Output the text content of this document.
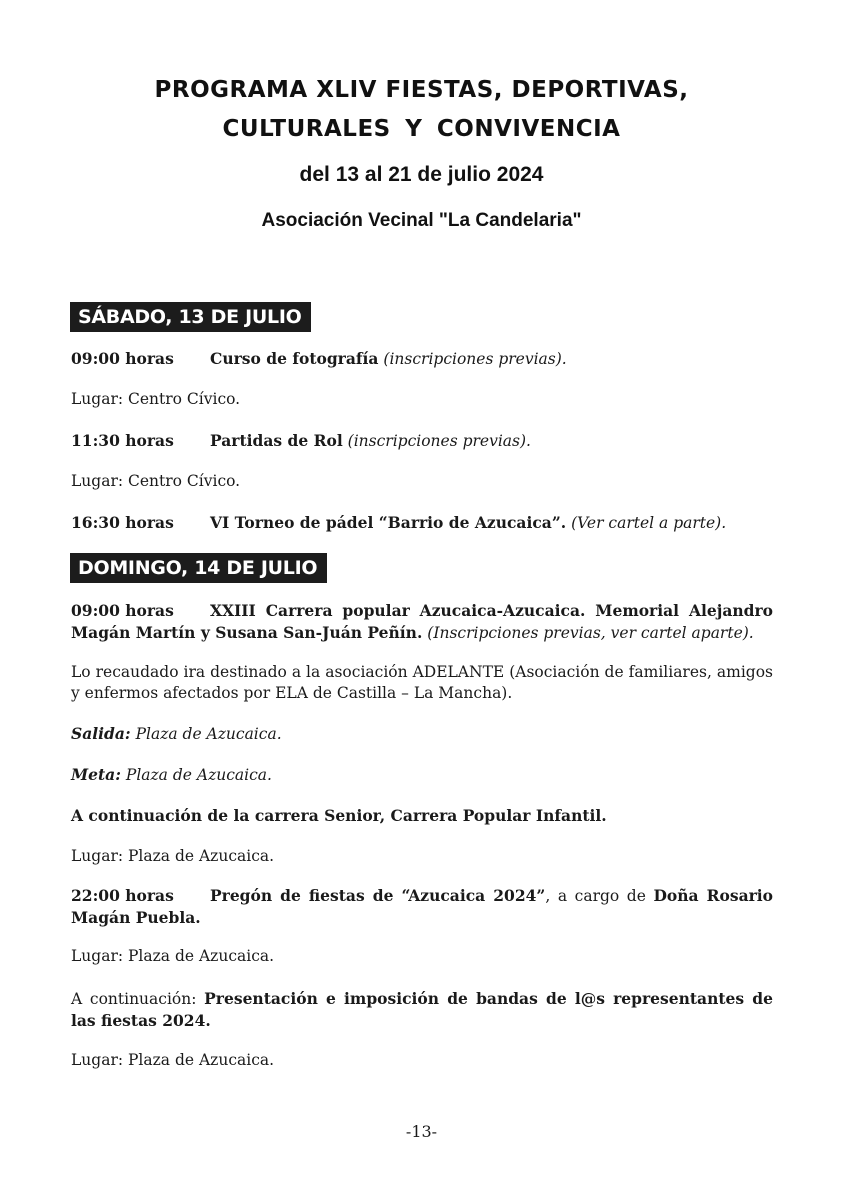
PROGRAMA XLIV FIESTAS, DEPORTIVAS,
CULTURALES Y CONVIVENCIA
del 13 al 21 de julio 2024
Asociación Vecinal "La Candelaria"
SÁBADO, 13 DE JULIO
09:00 horas Curso de fotografía (inscripciones previas).
Lugar: Centro Cívico.
11:30 horas Partidas de Rol (inscripciones previas).
Lugar: Centro Cívico.
16:30 horas VI Torneo de pádel “Barrio de Azucaica”. (Ver cartel a parte).
DOMINGO, 14 DE JULIO
09:00 horas XXIII Carrera popular Azucaica-Azucaica. Memorial Alejandro Magán Martín y Susana San-Juán Peñín. (Inscripciones previas, ver cartel aparte).
Lo recaudado ira destinado a la asociación ADELANTE (Asociación de familiares, amigos y enfermos afectados por ELA de Castilla – La Mancha).
Salida: Plaza de Azucaica.
Meta: Plaza de Azucaica.
A continuación de la carrera Senior, Carrera Popular Infantil.
Lugar: Plaza de Azucaica.
22:00 horas Pregón de fiestas de “Azucaica 2024”, a cargo de Doña Rosario Magán Puebla.
Lugar: Plaza de Azucaica.
A continuación: Presentación e imposición de bandas de l@s representantes de las fiestas 2024.
Lugar: Plaza de Azucaica.
-13-
